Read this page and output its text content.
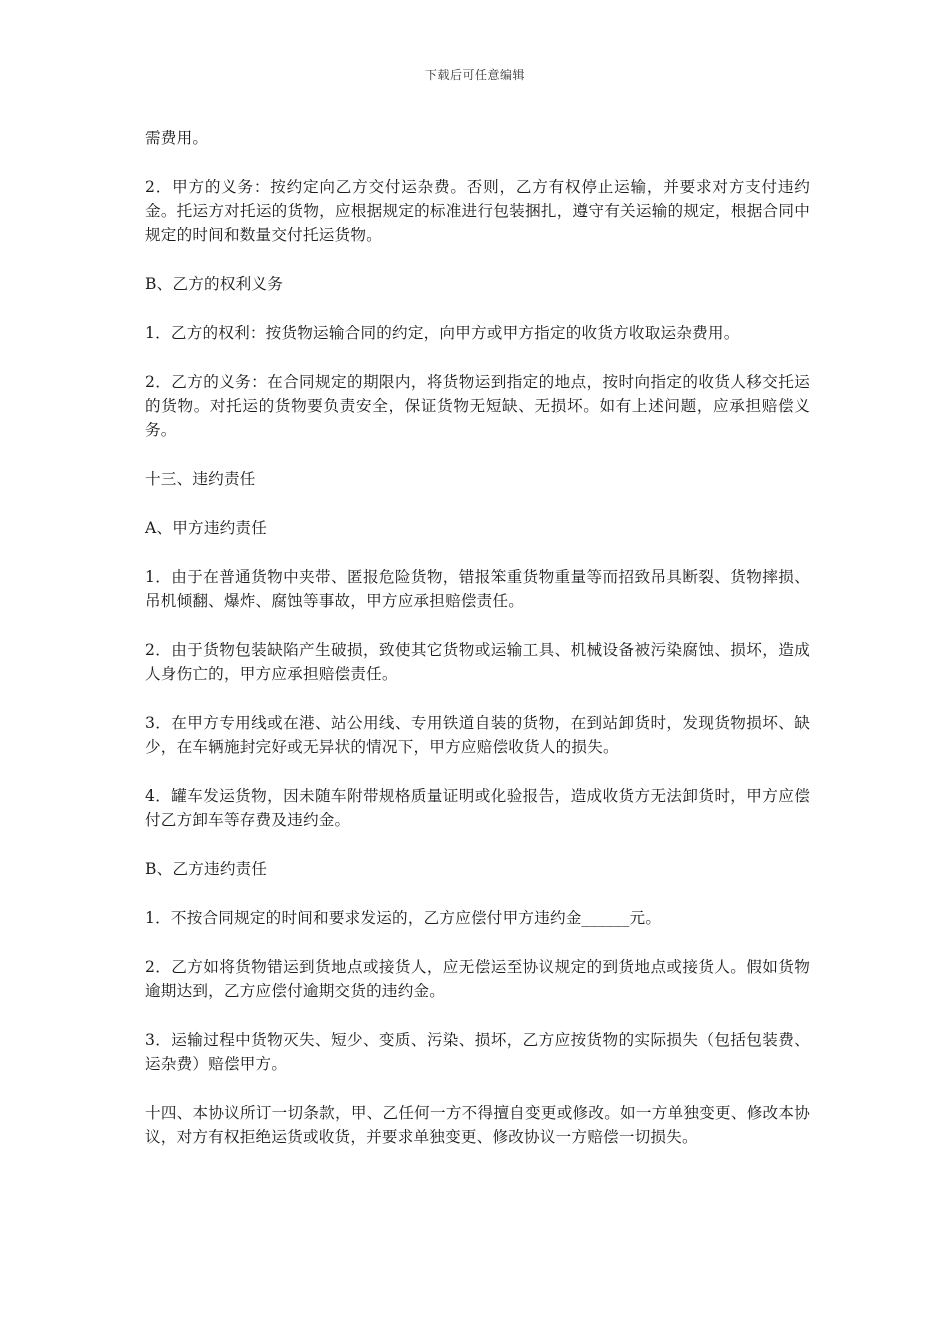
下载后可任意编辑

需费用。

2．甲方的义务：按约定向乙方交付运杂费。否则，乙方有权停止运输，并要求对方支付违约金。托运方对托运的货物，应根据规定的标准进行包装捆扎，遵守有关运输的规定，根据合同中规定的时间和数量交付托运货物。

B、乙方的权利义务

1．乙方的权利：按货物运输合同的约定，向甲方或甲方指定的收货方收取运杂费用。

2．乙方的义务：在合同规定的期限内，将货物运到指定的地点，按时向指定的收货人移交托运的货物。对托运的货物要负责安全，保证货物无短缺、无损坏。如有上述问题，应承担赔偿义务。

十三、违约责任

A、甲方违约责任

1．由于在普通货物中夹带、匿报危险货物，错报笨重货物重量等而招致吊具断裂、货物摔损、吊机倾翻、爆炸、腐蚀等事故，甲方应承担赔偿责任。

2．由于货物包装缺陷产生破损，致使其它货物或运输工具、机械设备被污染腐蚀、损坏，造成人身伤亡的，甲方应承担赔偿责任。

3．在甲方专用线或在港、站公用线、专用铁道自装的货物，在到站卸货时，发现货物损坏、缺少，在车辆施封完好或无异状的情况下，甲方应赔偿收货人的损失。

4．罐车发运货物，因未随车附带规格质量证明或化验报告，造成收货方无法卸货时，甲方应偿付乙方卸车等存费及违约金。

B、乙方违约责任

1．不按合同规定的时间和要求发运的，乙方应偿付甲方违约金______元。

2．乙方如将货物错运到货地点或接货人，应无偿运至协议规定的到货地点或接货人。假如货物逾期达到，乙方应偿付逾期交货的违约金。

3．运输过程中货物灭失、短少、变质、污染、损坏，乙方应按货物的实际损失（包括包装费、运杂费）赔偿甲方。

十四、本协议所订一切条款，甲、乙任何一方不得擅自变更或修改。如一方单独变更、修改本协议，对方有权拒绝运货或收货，并要求单独变更、修改协议一方赔偿一切损失。
